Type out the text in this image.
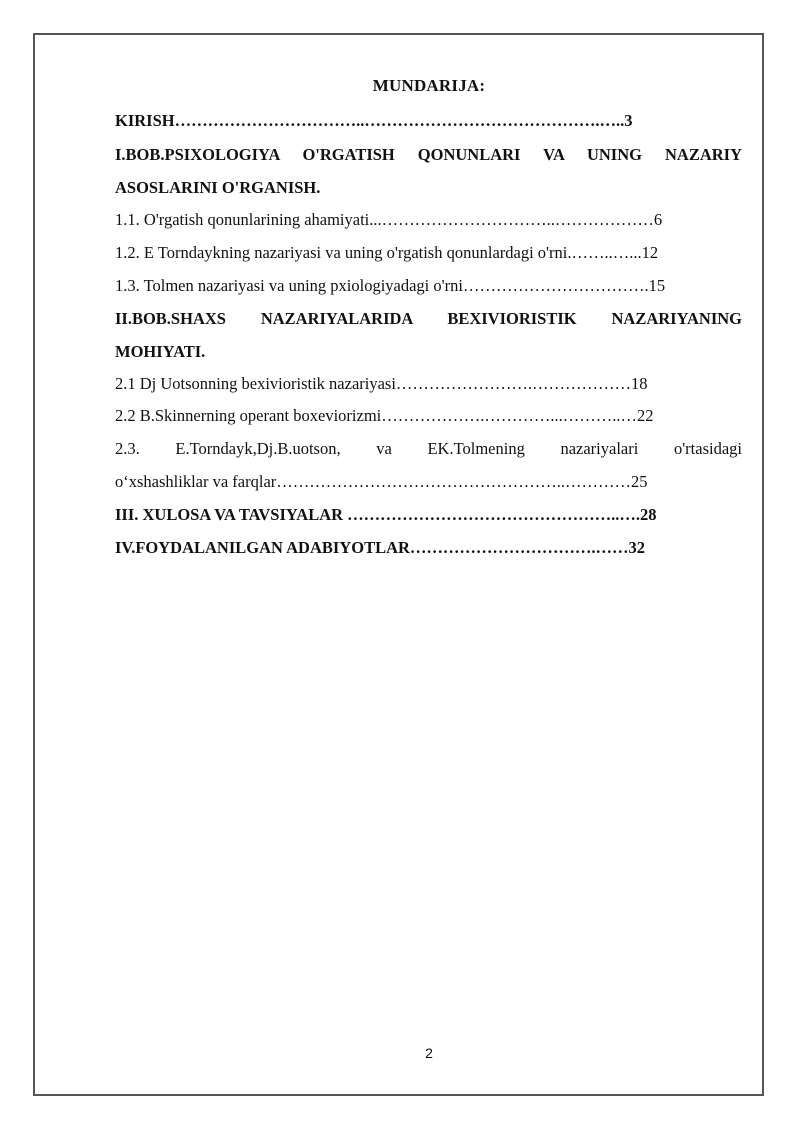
MUNDARIJA:
KIRISH……………………………..…………………………………….…..3
I.BOB.PSIXOLOGIYA O'RGATISH QONUNLARI VA UNING NAZARIY
ASOSLARINI O'RGANISH.
1.1. O'rgatish qonunlarining ahamiyati...…………………………..………………6
1.2. E Torndaykning nazariyasi va uning o'rgatish qonunlardagi o'rni.……..…...12
1.3. Tolmen nazariyasi va uning pxiologiyadagi o'rni…………………………….15
II.BOB.SHAXS NAZARIYALARIDA BEXIVIORISTIK NAZARIYANING
MOHIYATI.
2.1 Dj Uotsonning bexivioristik nazariyasi…………………….………………18
2.2 B.Skinnerning operant boxeviorizmi……………….…………...………..…22
2.3. E.Torndayk,Dj.B.uotson, va EK.Tolmening nazariyalari o'rtasidagi
o‘xshashliklar va farqlar……………………………………………..…………25
III. XULOSA VA TAVSIYALAR …………………………………………..….28
IV.FOYDALANILGAN ADABIYOTLAR…………………………….……32
2
